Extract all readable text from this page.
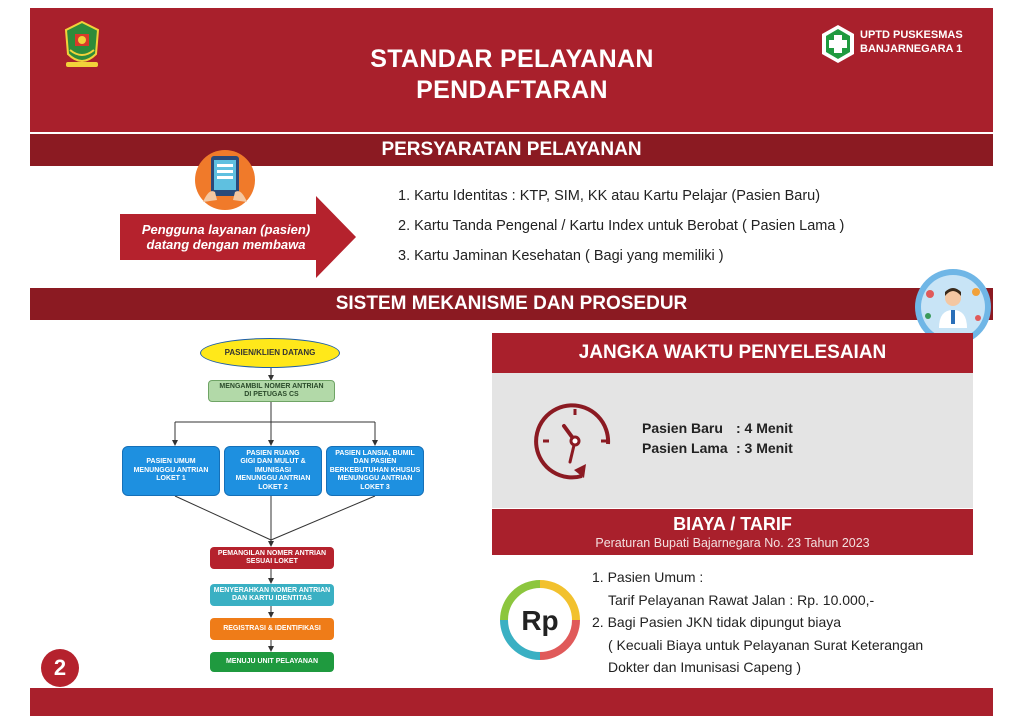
STANDAR PELAYANAN
PENDAFTARAN
UPTD PUSKESMAS
BANJARNEGARA 1
PERSYARATAN PELAYANAN
Pengguna layanan (pasien)
datang dengan membawa
1. Kartu Identitas : KTP, SIM, KK atau Kartu Pelajar (Pasien Baru)
2. Kartu Tanda Pengenal / Kartu Index untuk Berobat ( Pasien Lama )
3. Kartu Jaminan Kesehatan ( Bagi yang memiliki )
SISTEM MEKANISME DAN PROSEDUR
PASIEN/KLIEN DATANG
MENGAMBIL NOMER ANTRIAN
DI PETUGAS CS
PASIEN UMUM
MENUNGGU ANTRIAN LOKET 1
PASIEN RUANG
GIGI DAN MULUT &
IMUNISASI
MENUNGGU ANTRIAN LOKET 2
PASIEN LANSIA, BUMIL
DAN PASIEN
BERKEBUTUHAN KHUSUS
MENUNGGU ANTRIAN LOKET 3
PEMANGILAN NOMER ANTRIAN
SESUAI LOKET
MENYERAHKAN NOMER ANTRIAN
DAN KARTU IDENTITAS
REGISTRASI & IDENTIFIKASI
MENUJU UNIT PELAYANAN
2
JANGKA WAKTU PENYELESAIAN
Pasien Baru : 4 Menit
Pasien Lama : 3 Menit
BIAYA / TARIF
Peraturan Bupati Bajarnegara No. 23 Tahun 2023
Rp
1. Pasien Umum :
Tarif Pelayanan Rawat Jalan : Rp. 10.000,-
2. Bagi Pasien JKN tidak dipungut biaya
( Kecuali Biaya untuk Pelayanan Surat Keterangan
Dokter dan Imunisasi Capeng )
